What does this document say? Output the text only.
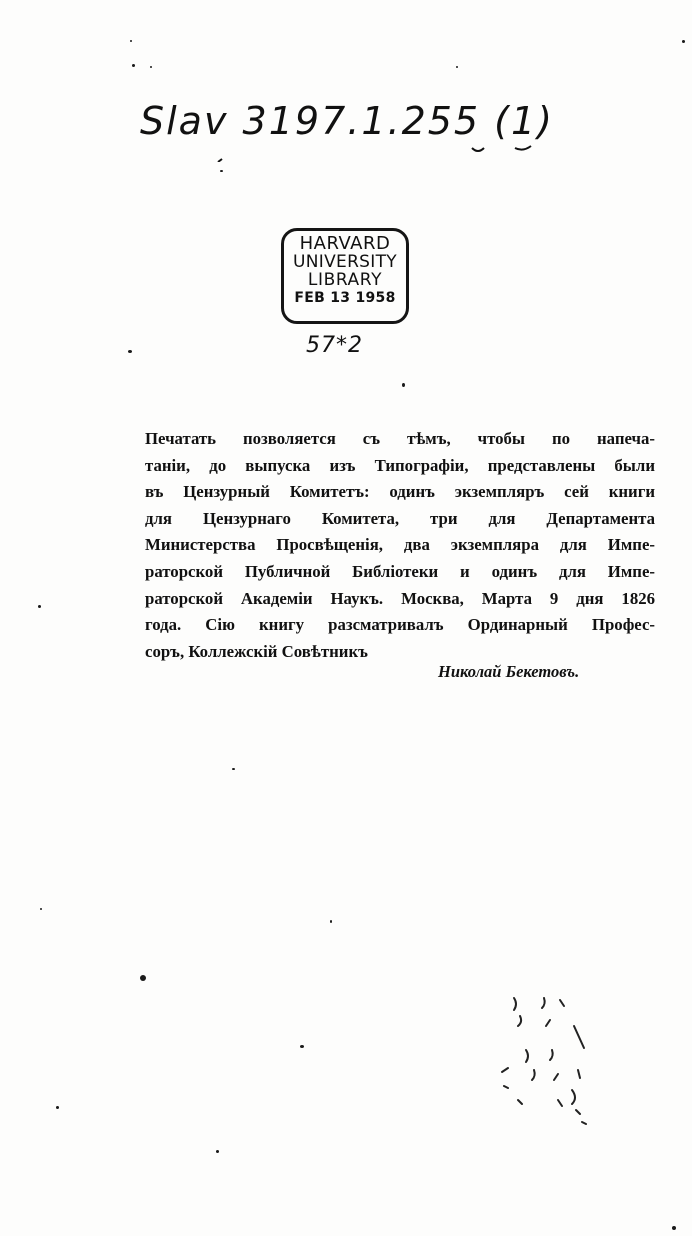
Slav 3197.1.255 (1)
HARVARD
UNIVERSITY
LIBRARY
FEB 13 1958
57*2
Печатать позволяется съ тѣмъ, чтобы по напеча-
таніи, до выпуска изъ Типографіи, представлены были
въ Цензурный Комитетъ: одинъ экземпляръ сей книги
для Цензурнаго Комитета, три для Департамента
Министерства Просвѣщенія, два экземпляра для Импе-
раторской Публичной Библіотеки и одинъ для Импе-
раторской Академіи Наукъ. Москва, Марта 9 дня 1826
года. Сію книгу разсматривалъ Ординарный Профес-
соръ, Коллежскій Совѣтникъ
Николай Бекетовъ.
